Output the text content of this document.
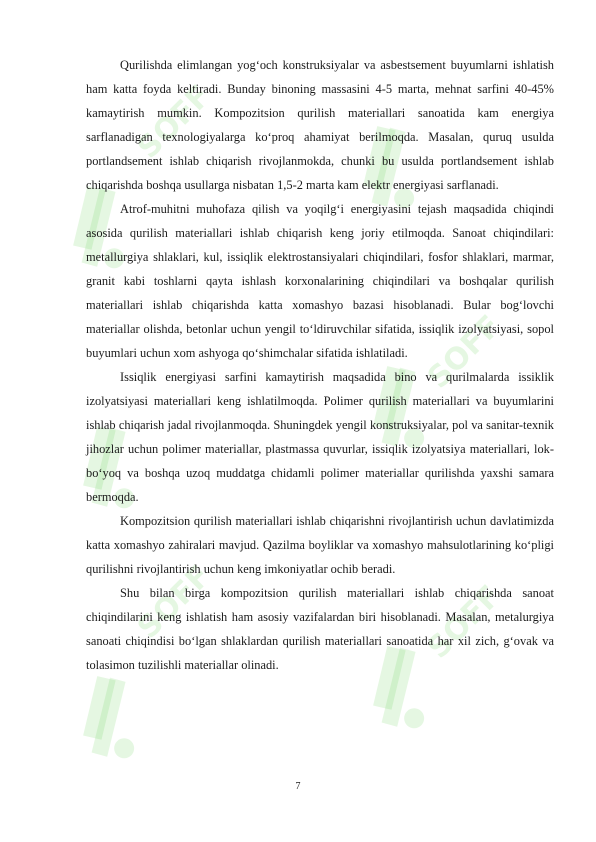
SOFF
SOFF
SOFF	SOFF

Qurilishda elimlangan yog‘och konstruksiyalar va asbestsement buyumlarni ishlatish ham katta foyda keltiradi. Bunday binoning massasini 4-5 marta, mehnat sarfini 40-45% kamaytirish mumkin. Kompozitsion qurilish materiallari sanoatida kam energiya sarflanadigan texnologiyalarga ko‘proq ahamiyat berilmoqda. Masalan, quruq usulda portlandsement ishlab chiqarish rivojlanmokda, chunki bu usulda portlandsement ishlab chiqarishda boshqa usullarga nisbatan 1,5-2 marta kam elektr energiyasi sarflanadi.

Atrof-muhitni muhofaza qilish va yoqilg‘i energiyasini tejash maqsadida chiqindi asosida qurilish materiallari ishlab chiqarish keng joriy etilmoqda. Sanoat chiqindilari: metallurgiya shlaklari, kul, issiqlik elektrostansiyalari chiqindilari, fosfor shlaklari, marmar, granit kabi toshlarni qayta ishlash korxonalarining chiqindilari va boshqalar qurilish materiallari ishlab chiqarishda katta xomashyo bazasi hisoblanadi. Bular bog‘lovchi materiallar olishda, betonlar uchun yengil to‘ldiruvchilar sifatida, issiqlik izolyatsiyasi, sopol buyumlari uchun xom ashyoga qo‘shimchalar sifatida ishlatiladi.

Issiqlik energiyasi sarfini kamaytirish maqsadida bino va qurilmalarda issiklik izolyatsiyasi materiallari keng ishlatilmoqda. Polimer qurilish materiallari va buyumlarini ishlab chiqarish jadal rivojlanmoqda. Shuningdek yengil konstruksiyalar, pol va sanitar-texnik jihozlar uchun polimer materiallar, plastmassa quvurlar, issiqlik izolyatsiya materiallari, lok-bo‘yoq va boshqa uzoq muddatga chidamli polimer materiallar qurilishda yaxshi samara bermoqda.

Kompozitsion qurilish materiallari ishlab chiqarishni rivojlantirish uchun davlatimizda katta xomashyo zahiralari mavjud. Qazilma boyliklar va xomashyo mahsulotlarining ko‘pligi qurilishni rivojlantirish uchun keng imkoniyatlar ochib beradi.

Shu bilan birga kompozitsion qurilish materiallari ishlab chiqarishda sanoat chiqindilarini keng ishlatish ham asosiy vazifalardan biri hisoblanadi. Masalan, metalurgiya sanoati chiqindisi bo‘lgan shlaklardan qurilish materiallari sanoatida har xil zich, g‘ovak va tolasimon tuzilishli materiallar olinadi.

7
